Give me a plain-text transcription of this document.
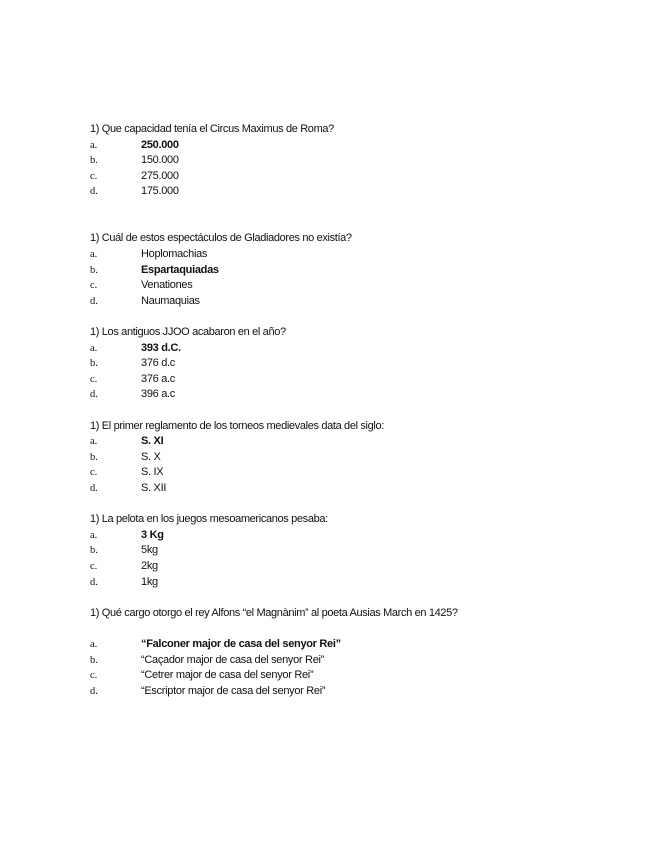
1) Que capacidad tenía el Circus Maximus de Roma?
a.	250.000
b.	150.000
c.	275.000
d.	175.000
1) Cuál de estos espectáculos de Gladiadores no existía?
a.	Hoplomachias
b.	Espartaquiadas
c.	Venationes
d.	Naumaquias
1) Los antiguos JJOO acabaron en el año?
a.	393 d.C.
b.	376 d.c
c.	376 a.c
d.	396 a.c
1) El primer reglamento de los torneos medievales data del siglo:
a.	S. XI
b.	S. X
c.	S. IX
d.	S. XII
1) La pelota en los juegos mesoamericanos pesaba:
a.	3 Kg
b.	5kg
c.	2kg
d.	1kg
1) Qué cargo otorgo el rey Alfons “el Magnànim” al poeta Ausias March en 1425?
a.	“Falconer major de casa del senyor Rei”
b.	“Caçador major de casa del senyor Rei”
c.	“Cetrer major de casa del senyor Rei”
d.	“Escriptor major de casa del senyor Rei”
